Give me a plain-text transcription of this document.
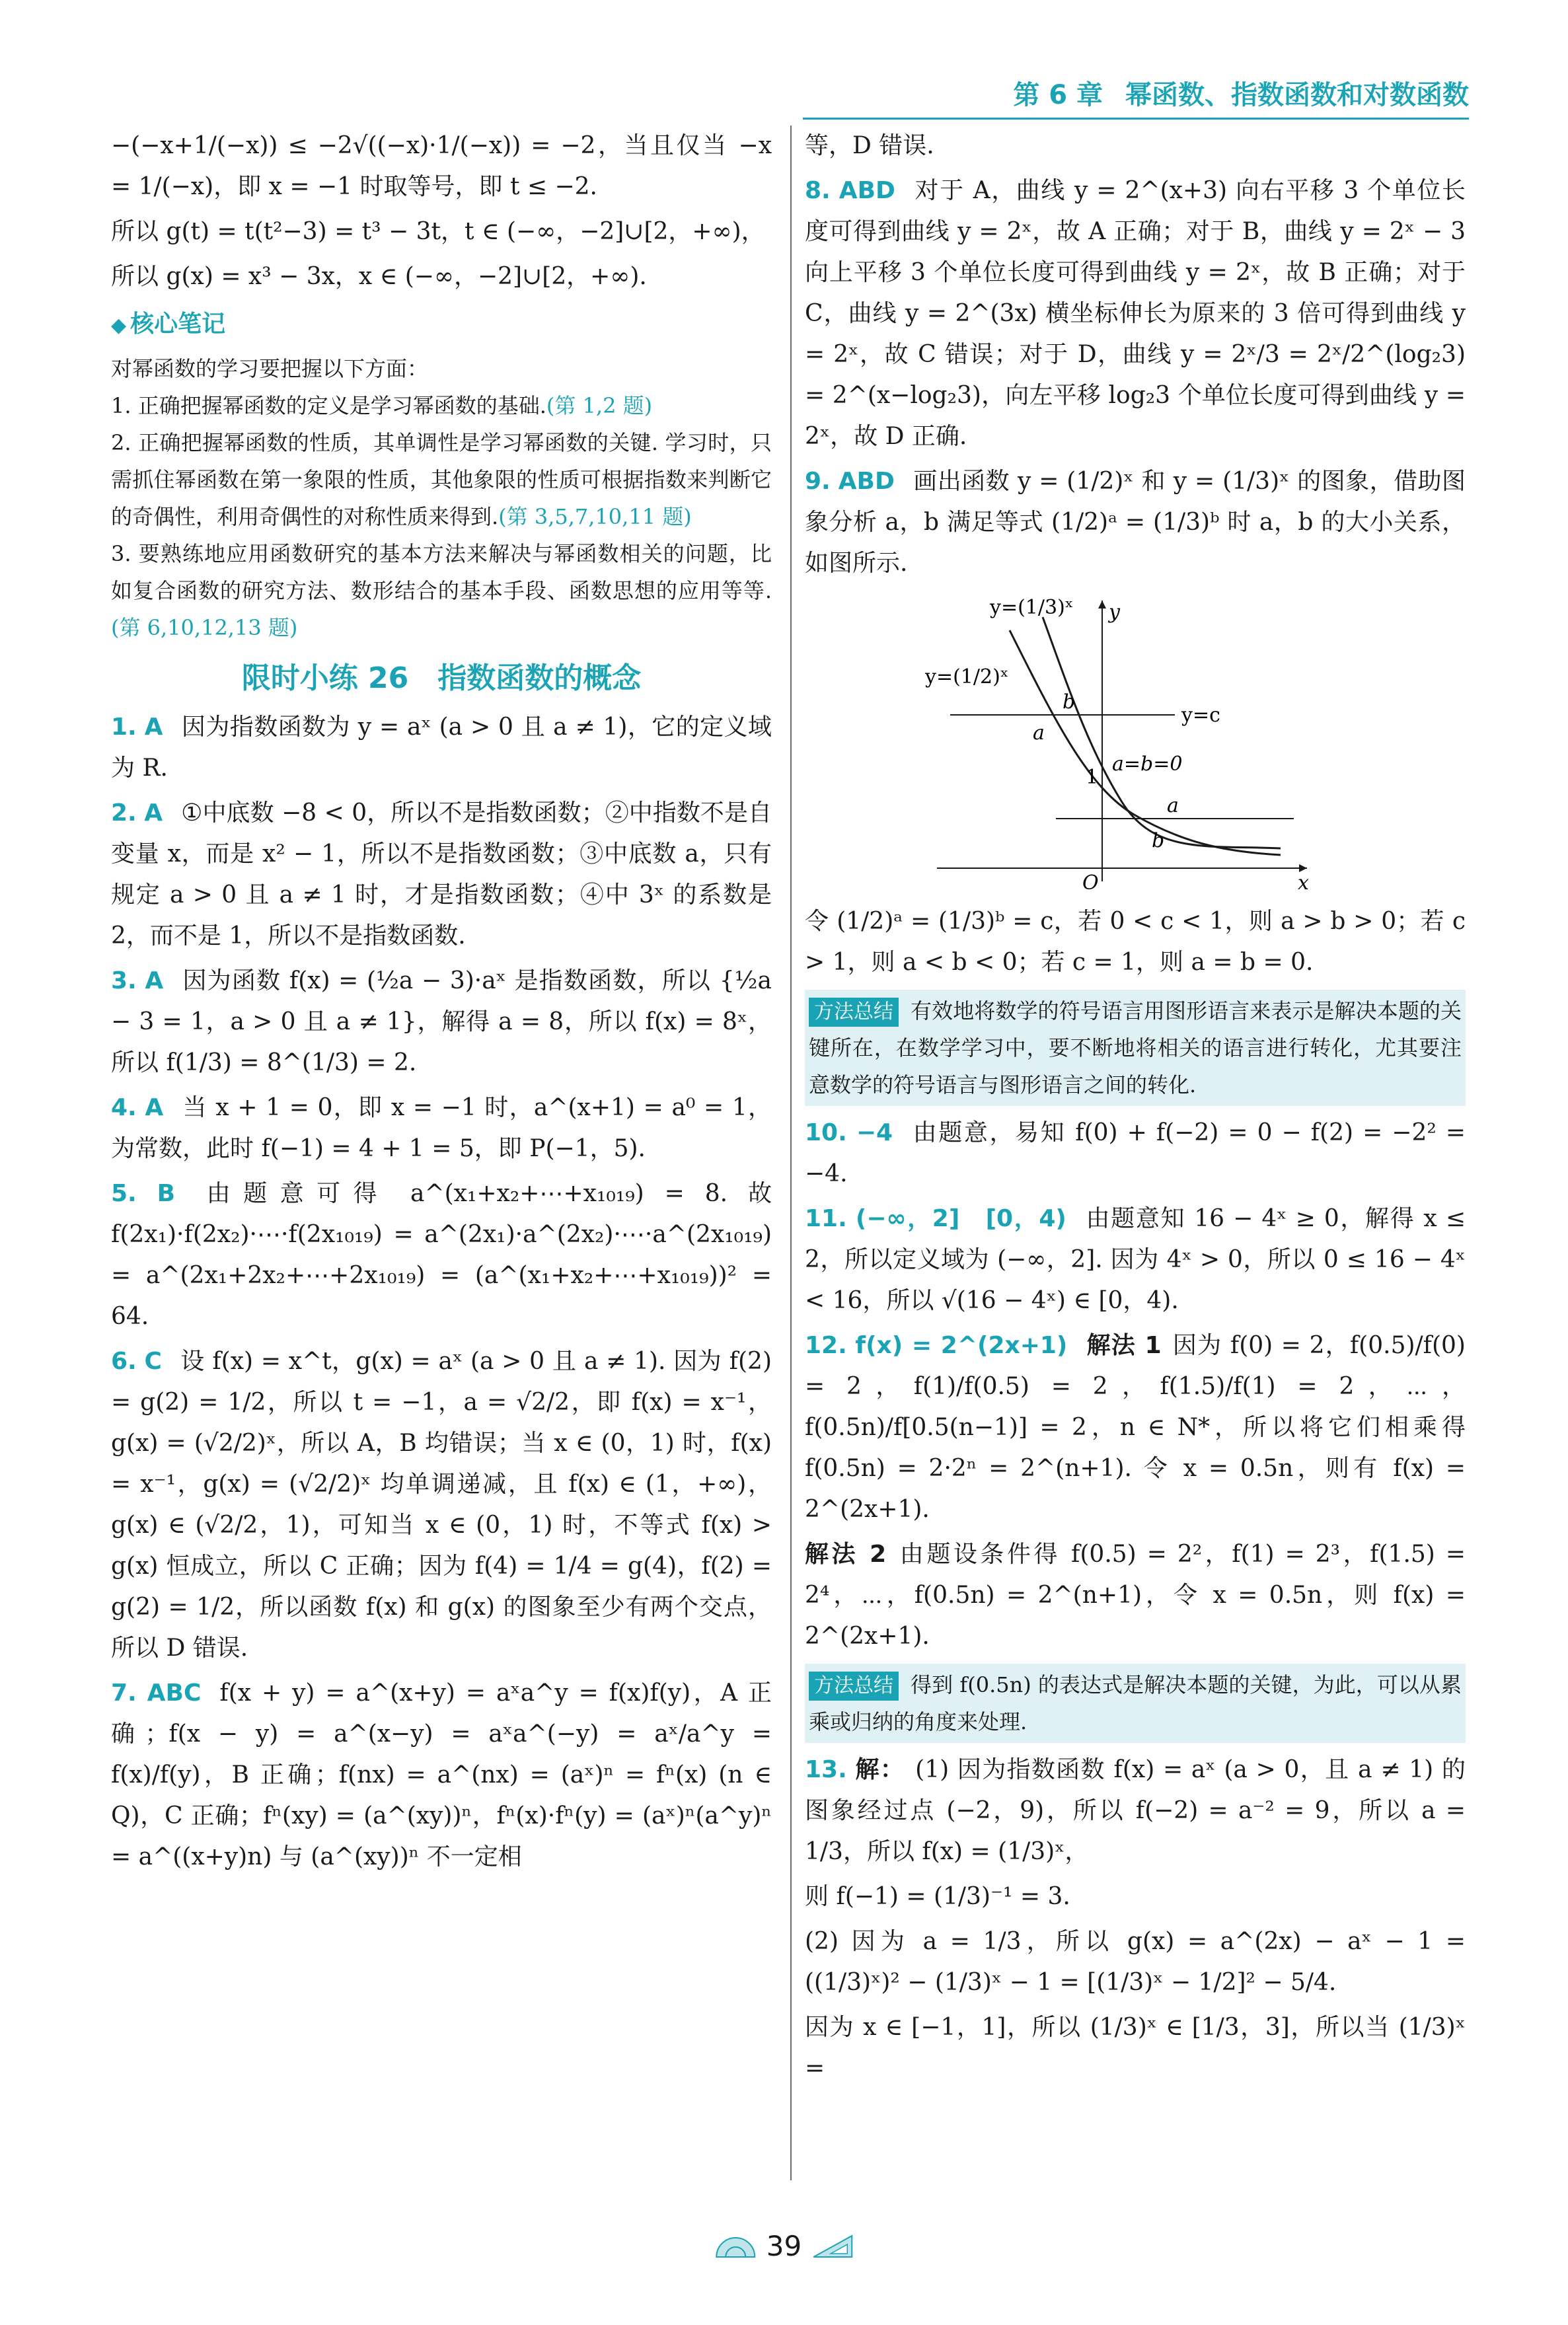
第 6 章 幂函数、指数函数和对数函数

−(−x+1/(−x)) ≤ −2√((−x)·1/(−x)) = −2，当且仅当 −x = 1/(−x)，即 x = −1 时取等号，即 t ≤ −2.

所以 g(t) = t(t²−3) = t³ − 3t，t ∈ (−∞，−2]∪[2，+∞)，

所以 g(x) = x³ − 3x，x ∈ (−∞，−2]∪[2，+∞).

◆ 核心笔记

对幂函数的学习要把握以下方面：

1. 正确把握幂函数的定义是学习幂函数的基础.(第 1,2 题)

2. 正确把握幂函数的性质，其单调性是学习幂函数的关键. 学习时，只需抓住幂函数在第一象限的性质，其他象限的性质可根据指数来判断它的奇偶性，利用奇偶性的对称性质来得到.(第 3,5,7,10,11 题)

3. 要熟练地应用函数研究的基本方法来解决与幂函数相关的问题，比如复合函数的研究方法、数形结合的基本手段、函数思想的应用等等.(第 6,10,12,13 题)

限时小练 26　指数函数的概念

1. A 因为指数函数为 y = aˣ (a > 0 且 a ≠ 1)，它的定义域为 R.

2. A ①中底数 −8 < 0，所以不是指数函数；②中指数不是自变量 x，而是 x² − 1，所以不是指数函数；③中底数 a，只有规定 a > 0 且 a ≠ 1 时，才是指数函数；④中 3ˣ 的系数是 2，而不是 1，所以不是指数函数.

3. A 因为函数 f(x) = (½a − 3)·aˣ 是指数函数，所以 {½a − 3 = 1，a > 0 且 a ≠ 1}，解得 a = 8，所以 f(x) = 8ˣ，所以 f(1/3) = 8^(1/3) = 2.

4. A 当 x + 1 = 0，即 x = −1 时，a^(x+1) = a⁰ = 1，为常数，此时 f(−1) = 4 + 1 = 5，即 P(−1，5).

5. B 由题意可得 a^(x₁+x₂+⋯+x₁₀₁₉) = 8. 故 f(2x₁)·f(2x₂)·⋯·f(2x₁₀₁₉) = a^(2x₁)·a^(2x₂)·⋯·a^(2x₁₀₁₉) = a^(2x₁+2x₂+⋯+2x₁₀₁₉) = (a^(x₁+x₂+⋯+x₁₀₁₉))² = 64.

6. C 设 f(x) = x^t，g(x) = aˣ (a > 0 且 a ≠ 1). 因为 f(2) = g(2) = 1/2，所以 t = −1，a = √2/2，即 f(x) = x⁻¹，g(x) = (√2/2)ˣ，所以 A，B 均错误；当 x ∈ (0，1) 时，f(x) = x⁻¹，g(x) = (√2/2)ˣ 均单调递减，且 f(x) ∈ (1，+∞)，g(x) ∈ (√2/2，1)，可知当 x ∈ (0，1) 时，不等式 f(x) > g(x) 恒成立，所以 C 正确；因为 f(4) = 1/4 = g(4)，f(2) = g(2) = 1/2，所以函数 f(x) 和 g(x) 的图象至少有两个交点，所以 D 错误.

7. ABC f(x + y) = a^(x+y) = aˣa^y = f(x)f(y)，A 正确；f(x − y) = a^(x−y) = aˣa^(−y) = aˣ/a^y = f(x)/f(y)，B 正确；f(nx) = a^(nx) = (aˣ)ⁿ = fⁿ(x) (n ∈ Q)，C 正确；fⁿ(xy) = (a^(xy))ⁿ，fⁿ(x)·fⁿ(y) = (aˣ)ⁿ(a^y)ⁿ = a^((x+y)n) 与 (a^(xy))ⁿ 不一定相

等，D 错误.

8. ABD 对于 A，曲线 y = 2^(x+3) 向右平移 3 个单位长度可得到曲线 y = 2ˣ，故 A 正确；对于 B，曲线 y = 2ˣ − 3 向上平移 3 个单位长度可得到曲线 y = 2ˣ，故 B 正确；对于 C，曲线 y = 2^(3x) 横坐标伸长为原来的 3 倍可得到曲线 y = 2ˣ，故 C 错误；对于 D，曲线 y = 2ˣ/3 = 2ˣ/2^(log₂3) = 2^(x−log₂3)，向左平移 log₂3 个单位长度可得到曲线 y = 2ˣ，故 D 正确.

9. ABD 画出函数 y = (1/2)ˣ 和 y = (1/3)ˣ 的图象，借助图象分析 a，b 满足等式 (1/2)ᵃ = (1/3)ᵇ 时 a，b 的大小关系，如图所示.

y=(1/3)ˣ y
y=(1/2)ˣ
b
a
y=c
a=b=0
1
a
b
O	x

令 (1/2)ᵃ = (1/3)ᵇ = c，若 0 < c < 1，则 a > b > 0；若 c > 1，则 a < b < 0；若 c = 1，则 a = b = 0.

方法总结 有效地将数学的符号语言用图形语言来表示是解决本题的关键所在，在数学学习中，要不断地将相关的语言进行转化，尤其要注意数学的符号语言与图形语言之间的转化.

10. −4 由题意，易知 f(0) + f(−2) = 0 − f(2) = −2² = −4.

11. (−∞，2]　[0，4) 由题意知 16 − 4ˣ ≥ 0，解得 x ≤ 2，所以定义域为 (−∞，2]. 因为 4ˣ > 0，所以 0 ≤ 16 − 4ˣ < 16，所以 √(16 − 4ˣ) ∈ [0，4).

12. f(x) = 2^(2x+1) 解法 1 因为 f(0) = 2，f(0.5)/f(0) = 2，f(1)/f(0.5) = 2，f(1.5)/f(1) = 2，⋯，f(0.5n)/f[0.5(n−1)] = 2，n ∈ N*，所以将它们相乘得 f(0.5n) = 2·2ⁿ = 2^(n+1). 令 x = 0.5n，则有 f(x) = 2^(2x+1).

解法 2 由题设条件得 f(0.5) = 2²，f(1) = 2³，f(1.5) = 2⁴，⋯，f(0.5n) = 2^(n+1)，令 x = 0.5n，则 f(x) = 2^(2x+1).

方法总结 得到 f(0.5n) 的表达式是解决本题的关键，为此，可以从累乘或归纳的角度来处理.

13. 解： (1) 因为指数函数 f(x) = aˣ (a > 0，且 a ≠ 1) 的图象经过点 (−2，9)，所以 f(−2) = a⁻² = 9，所以 a = 1/3，所以 f(x) = (1/3)ˣ，

则 f(−1) = (1/3)⁻¹ = 3.

(2) 因为 a = 1/3，所以 g(x) = a^(2x) − aˣ − 1 = ((1/3)ˣ)² − (1/3)ˣ − 1 = [(1/3)ˣ − 1/2]² − 5/4.

因为 x ∈ [−1，1]，所以 (1/3)ˣ ∈ [1/3，3]，所以当 (1/3)ˣ =

39
